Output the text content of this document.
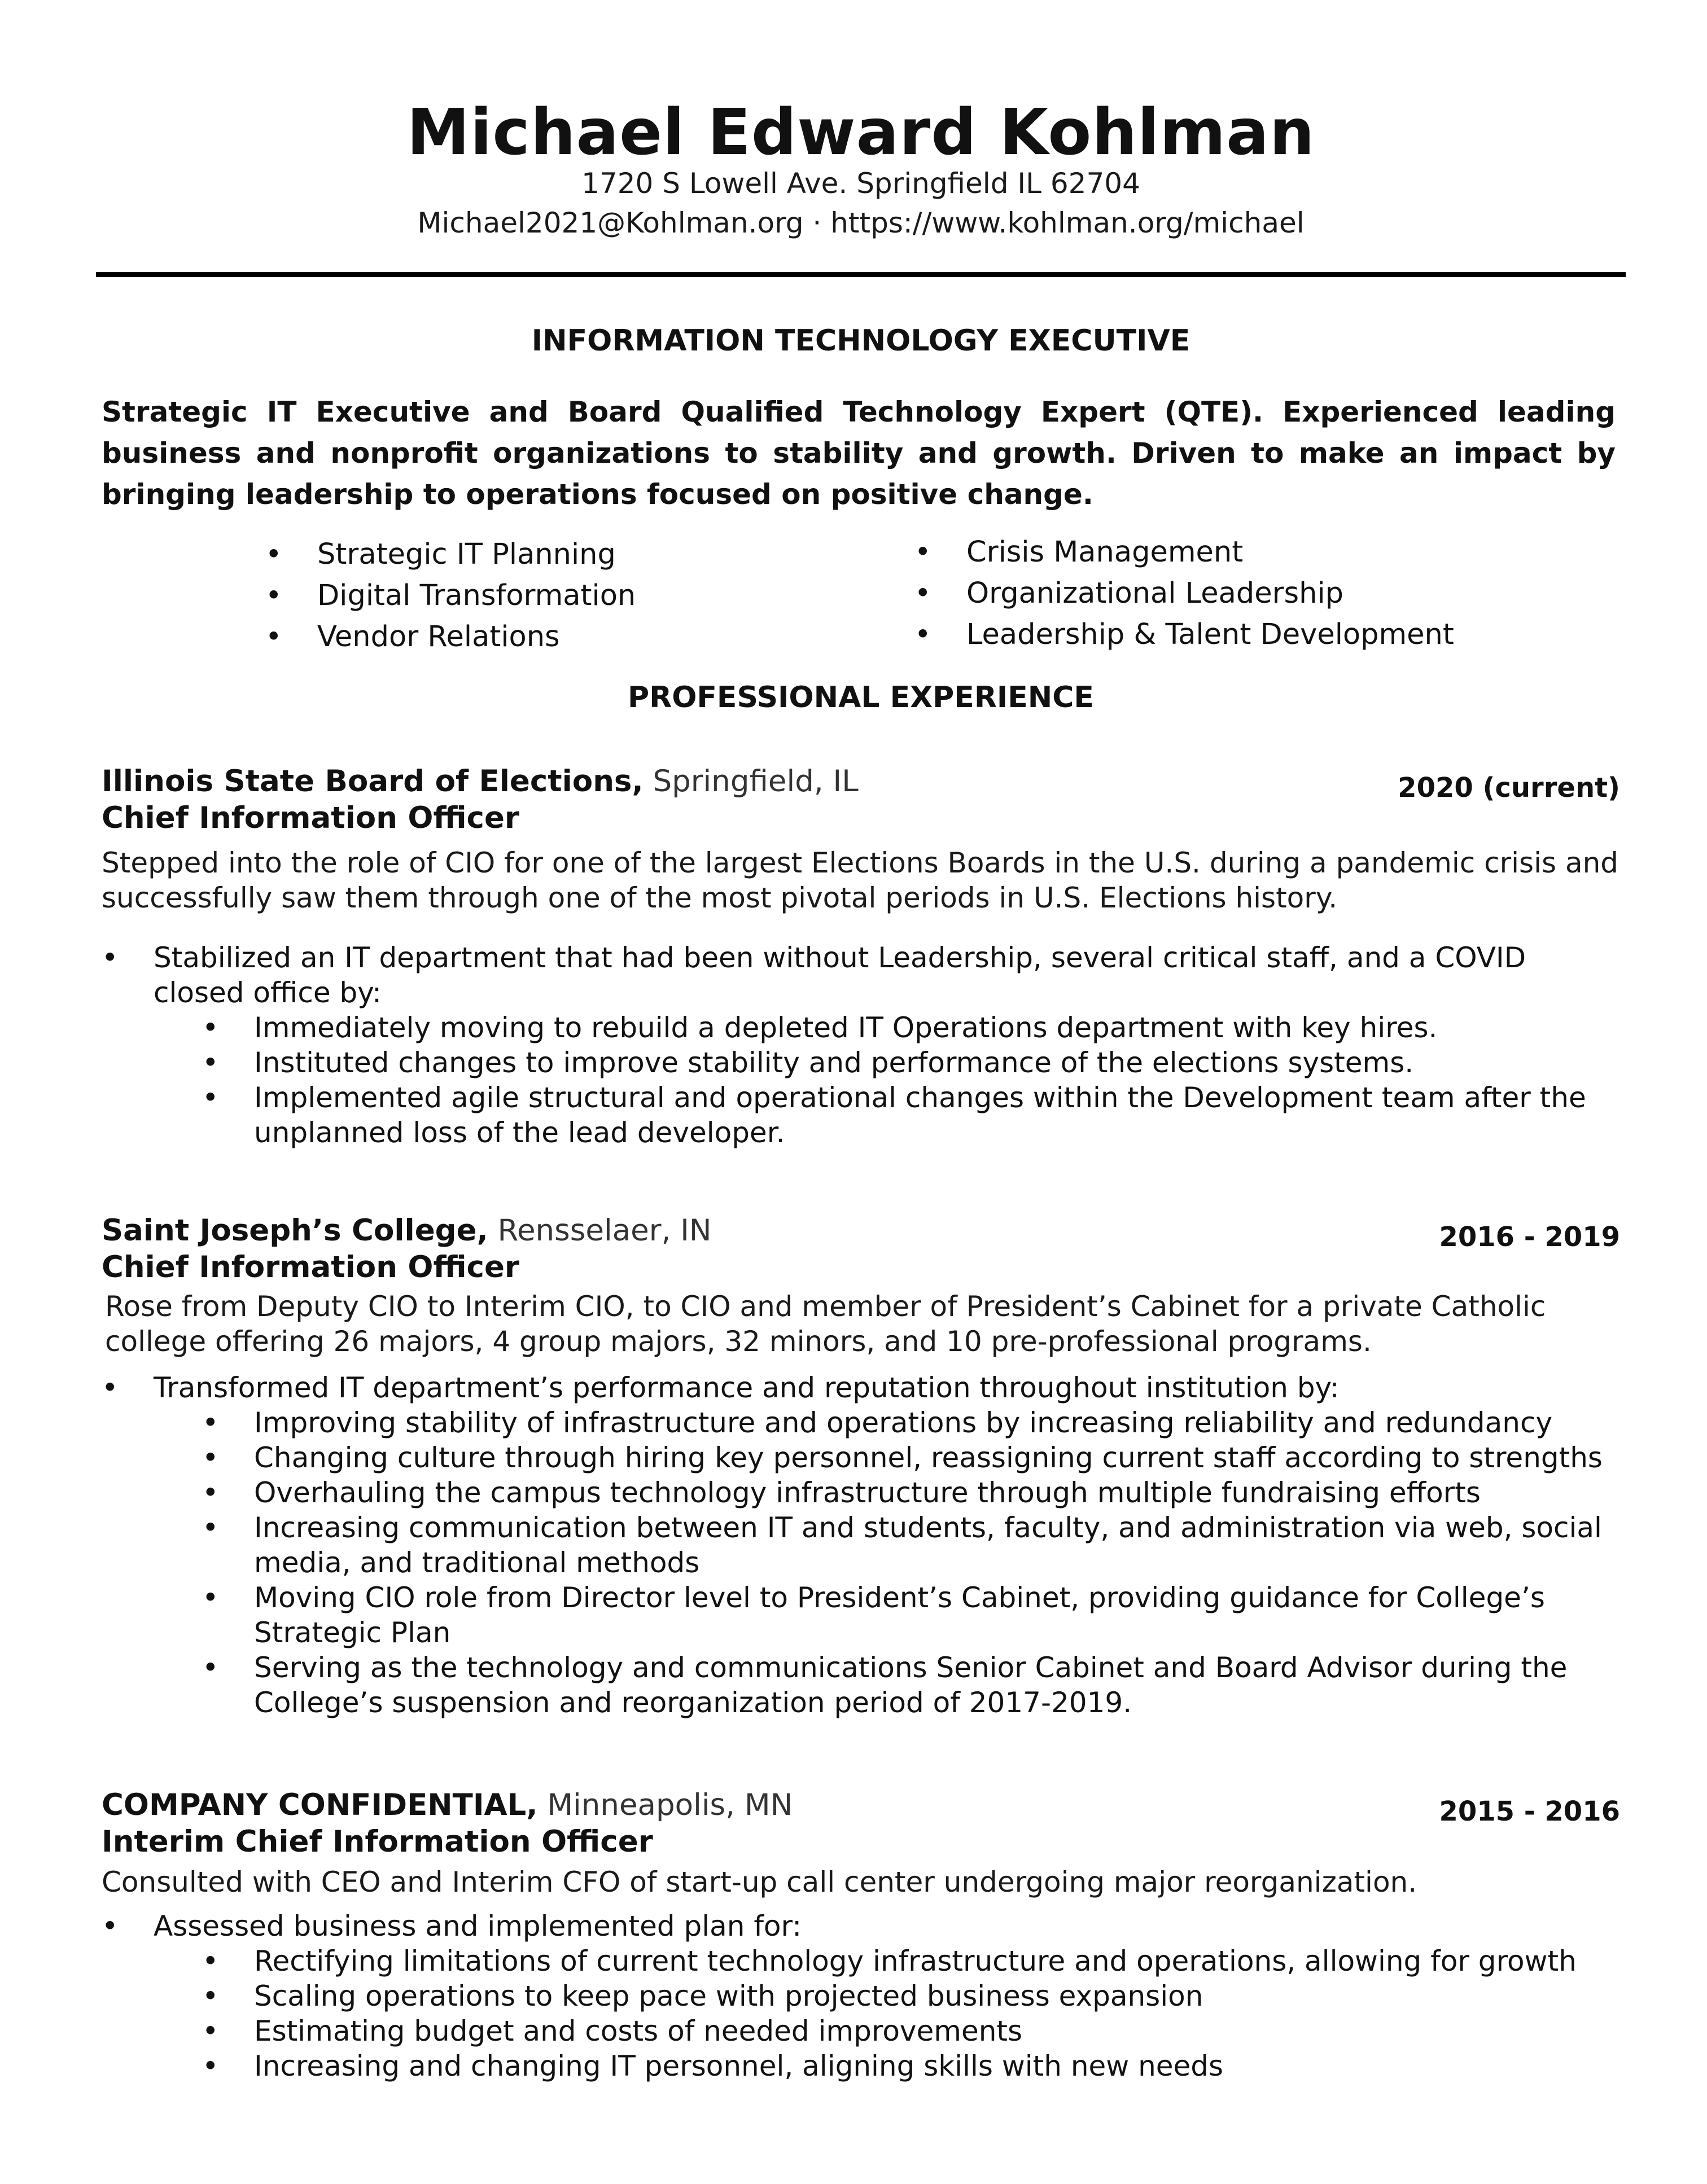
Michael Edward Kohlman
1720 S Lowell Ave. Springfield IL 62704
Michael2021@Kohlman.org · https://www.kohlman.org/michael
INFORMATION TECHNOLOGY EXECUTIVE
Strategic IT Executive and Board Qualified Technology Expert (QTE). Experienced leading business and nonprofit organizations to stability and growth. Driven to make an impact by bringing leadership to operations focused on positive change.
• Strategic IT Planning
• Digital Transformation
• Vendor Relations
• Crisis Management
• Organizational Leadership
• Leadership & Talent Development
PROFESSIONAL EXPERIENCE
Illinois State Board of Elections, Springfield, IL	2020 (current)
Chief Information Officer
Stepped into the role of CIO for one of the largest Elections Boards in the U.S. during a pandemic crisis and successfully saw them through one of the most pivotal periods in U.S. Elections history.
• Stabilized an IT department that had been without Leadership, several critical staff, and a COVID closed office by:
• Immediately moving to rebuild a depleted IT Operations department with key hires.
• Instituted changes to improve stability and performance of the elections systems.
• Implemented agile structural and operational changes within the Development team after the unplanned loss of the lead developer.
Saint Joseph’s College, Rensselaer, IN	2016 - 2019
Chief Information Officer
Rose from Deputy CIO to Interim CIO, to CIO and member of President’s Cabinet for a private Catholic college offering 26 majors, 4 group majors, 32 minors, and 10 pre-professional programs.
• Transformed IT department’s performance and reputation throughout institution by:
• Improving stability of infrastructure and operations by increasing reliability and redundancy
• Changing culture through hiring key personnel, reassigning current staff according to strengths
• Overhauling the campus technology infrastructure through multiple fundraising efforts
• Increasing communication between IT and students, faculty, and administration via web, social media, and traditional methods
• Moving CIO role from Director level to President’s Cabinet, providing guidance for College’s Strategic Plan
• Serving as the technology and communications Senior Cabinet and Board Advisor during the College’s suspension and reorganization period of 2017-2019.
COMPANY CONFIDENTIAL, Minneapolis, MN	2015 - 2016
Interim Chief Information Officer
Consulted with CEO and Interim CFO of start-up call center undergoing major reorganization.
• Assessed business and implemented plan for:
• Rectifying limitations of current technology infrastructure and operations, allowing for growth
• Scaling operations to keep pace with projected business expansion
• Estimating budget and costs of needed improvements
• Increasing and changing IT personnel, aligning skills with new needs
